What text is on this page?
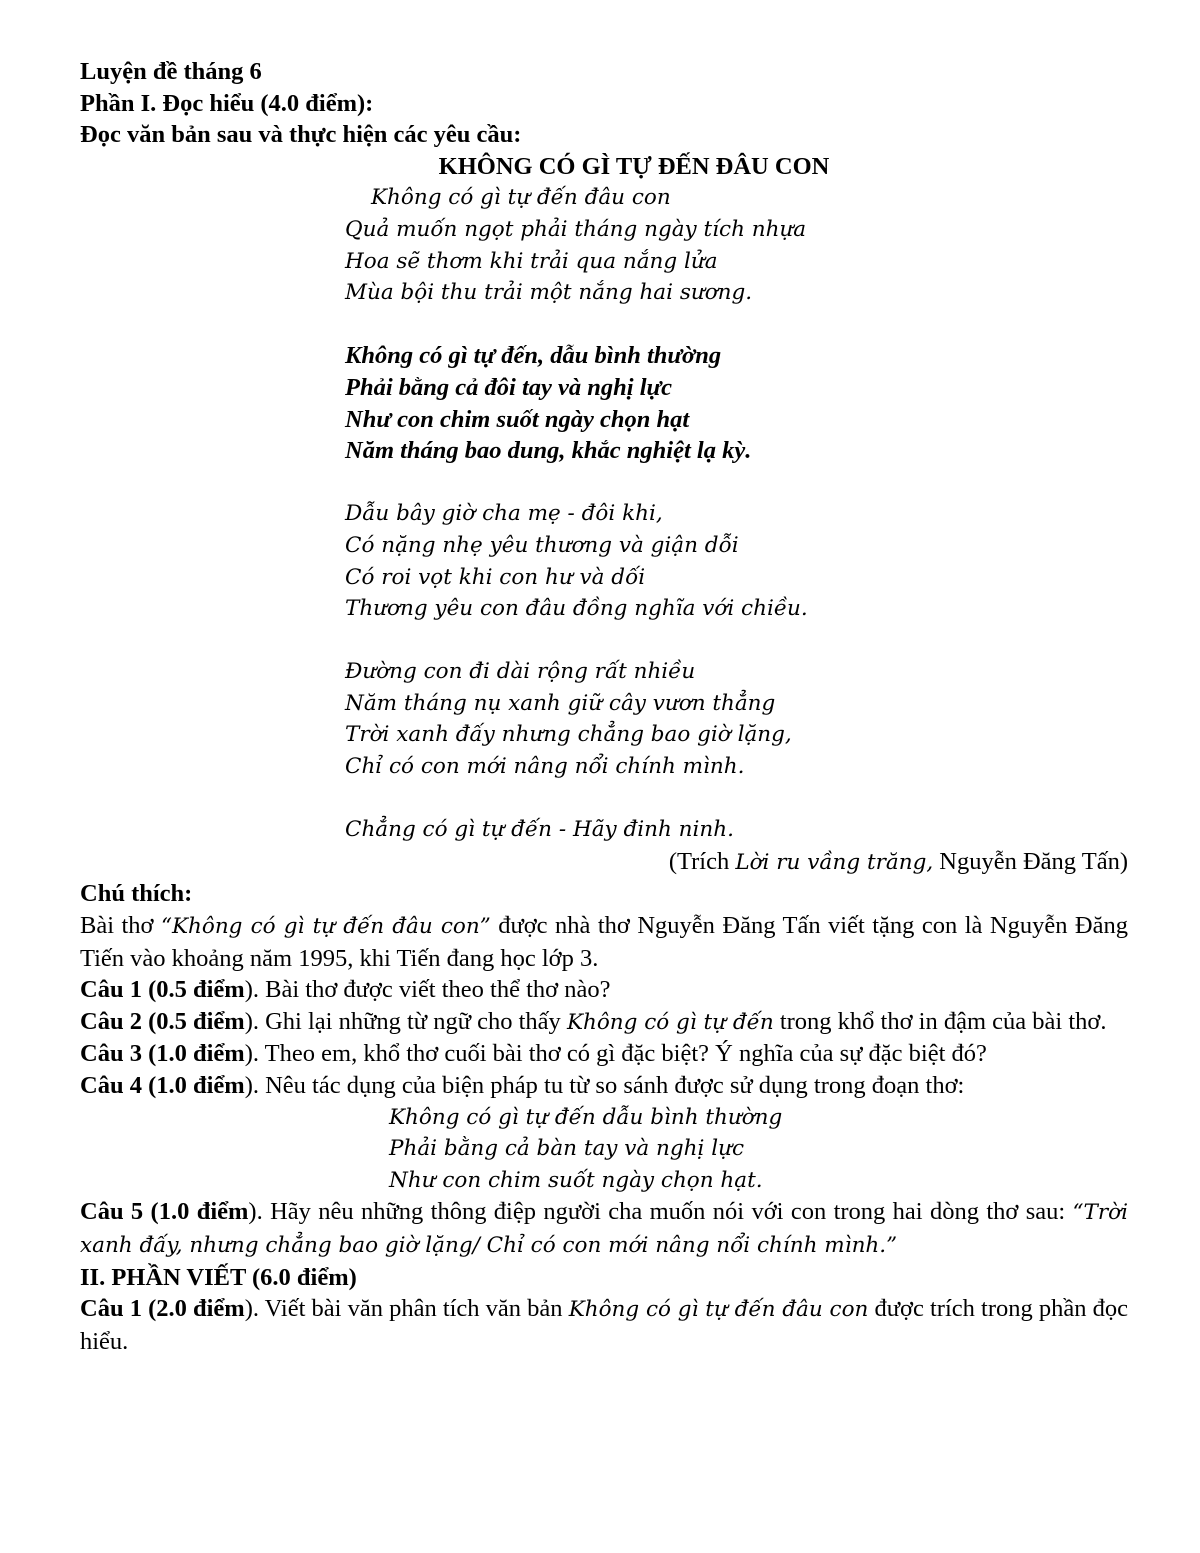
Luyện đề tháng 6
Phần I. Đọc hiểu (4.0 điểm):
Đọc văn bản sau và thực hiện các yêu cầu:
KHÔNG CÓ GÌ TỰ ĐẾN ĐÂU CON
Không có gì tự đến đâu con
Quả muốn ngọt phải tháng ngày tích nhựa
Hoa sẽ thơm khi trải qua nắng lửa
Mùa bội thu trải một nắng hai sương.
Không có gì tự đến, dẫu bình thường
Phải bằng cả đôi tay và nghị lực
Như con chim suốt ngày chọn hạt
Năm tháng bao dung, khắc nghiệt lạ kỳ.
Dẫu bây giờ cha mẹ - đôi khi,
Có nặng nhẹ yêu thương và giận dỗi
Có roi vọt khi con hư và dối
Thương yêu con đâu đồng nghĩa với chiều.
Đường con đi dài rộng rất nhiều
Năm tháng nụ xanh giữ cây vươn thẳng
Trời xanh đấy nhưng chẳng bao giờ lặng,
Chỉ có con mới nâng nổi chính mình.
Chẳng có gì tự đến - Hãy đinh ninh.
(Trích Lời ru vầng trăng, Nguyễn Đăng Tấn)
Chú thích:
Bài thơ “Không có gì tự đến đâu con” được nhà thơ Nguyễn Đăng Tấn viết tặng con là Nguyễn Đăng Tiến vào khoảng năm 1995, khi Tiến đang học lớp 3.
Câu 1 (0.5 điểm). Bài thơ được viết theo thể thơ nào?
Câu 2 (0.5 điểm). Ghi lại những từ ngữ cho thấy Không có gì tự đến trong khổ thơ in đậm của bài thơ.
Câu 3 (1.0 điểm). Theo em, khổ thơ cuối bài thơ có gì đặc biệt? Ý nghĩa của sự đặc biệt đó?
Câu 4 (1.0 điểm). Nêu tác dụng của biện pháp tu từ so sánh được sử dụng trong đoạn thơ:
Không có gì tự đến dẫu bình thường
Phải bằng cả bàn tay và nghị lực
Như con chim suốt ngày chọn hạt.
Câu 5 (1.0 điểm). Hãy nêu những thông điệp người cha muốn nói với con trong hai dòng thơ sau: “Trời xanh đấy, nhưng chẳng bao giờ lặng/ Chỉ có con mới nâng nổi chính mình.”
II. PHẦN VIẾT (6.0 điểm)
Câu 1 (2.0 điểm). Viết bài văn phân tích văn bản Không có gì tự đến đâu con được trích trong phần đọc hiểu.
